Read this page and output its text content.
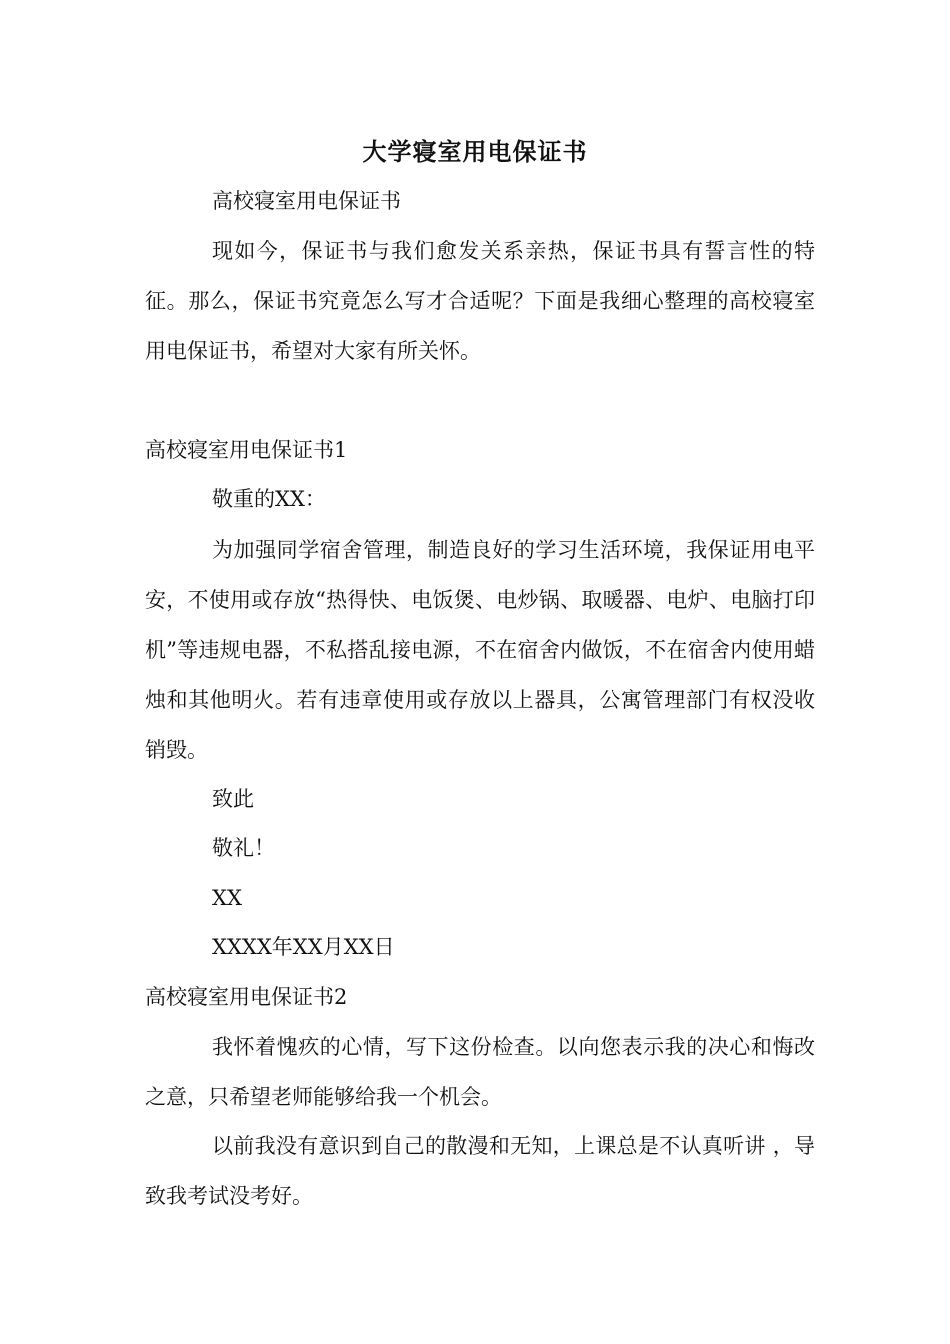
大学寝室用电保证书
高校寝室用电保证书

现如今，保证书与我们愈发关系亲热，保证书具有誓言性的特征。那么，保证书究竟怎么写才合适呢？下面是我细心整理的高校寝室用电保证书，希望对大家有所关怀。

高校寝室用电保证书1
敬重的XX：

为加强同学宿舍管理，制造良好的学习生活环境，我保证用电平安，不使用或存放“热得快、电饭煲、电炒锅、取暖器、电炉、电脑打印机”等违规电器，不私搭乱接电源，不在宿舍内做饭，不在宿舍内使用蜡烛和其他明火。若有违章使用或存放以上器具，公寓管理部门有权没收销毁。

致此
敬礼！
XX
XXXX年XX月XX日
高校寝室用电保证书2

我怀着愧疚的心情，写下这份检查。以向您表示我的决心和悔改之意，只希望老师能够给我一个机会。

以前我没有意识到自己的散漫和无知，上课总是不认真听讲 ，导致我考试没考好。
